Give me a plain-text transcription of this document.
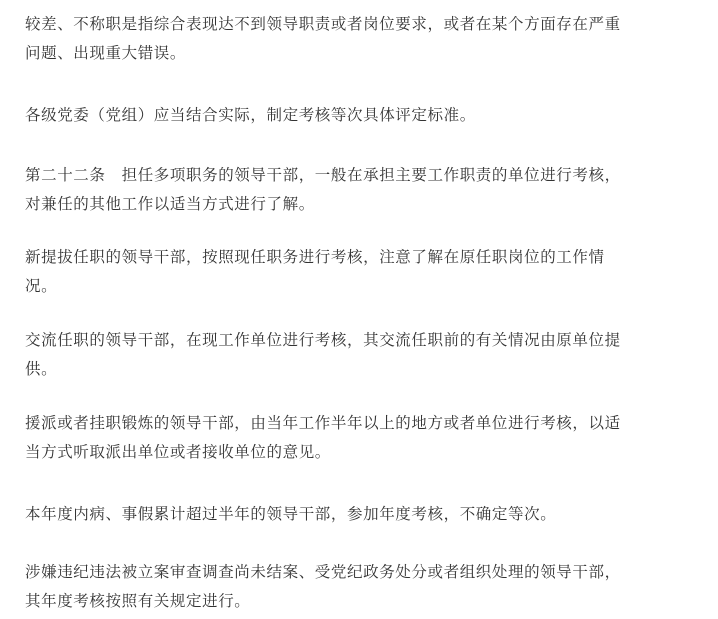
较差、不称职是指综合表现达不到领导职责或者岗位要求，或者在某个方面存在严重
问题、出现重大错误。

各级党委（党组）应当结合实际，制定考核等次具体评定标准。

第二十二条　担任多项职务的领导干部，一般在承担主要工作职责的单位进行考核，
对兼任的其他工作以适当方式进行了解。

新提拔任职的领导干部，按照现任职务进行考核，注意了解在原任职岗位的工作情
况。

交流任职的领导干部，在现工作单位进行考核，其交流任职前的有关情况由原单位提
供。

援派或者挂职锻炼的领导干部，由当年工作半年以上的地方或者单位进行考核，以适
当方式听取派出单位或者接收单位的意见。

本年度内病、事假累计超过半年的领导干部，参加年度考核，不确定等次。

涉嫌违纪违法被立案审查调查尚未结案、受党纪政务处分或者组织处理的领导干部，
其年度考核按照有关规定进行。
